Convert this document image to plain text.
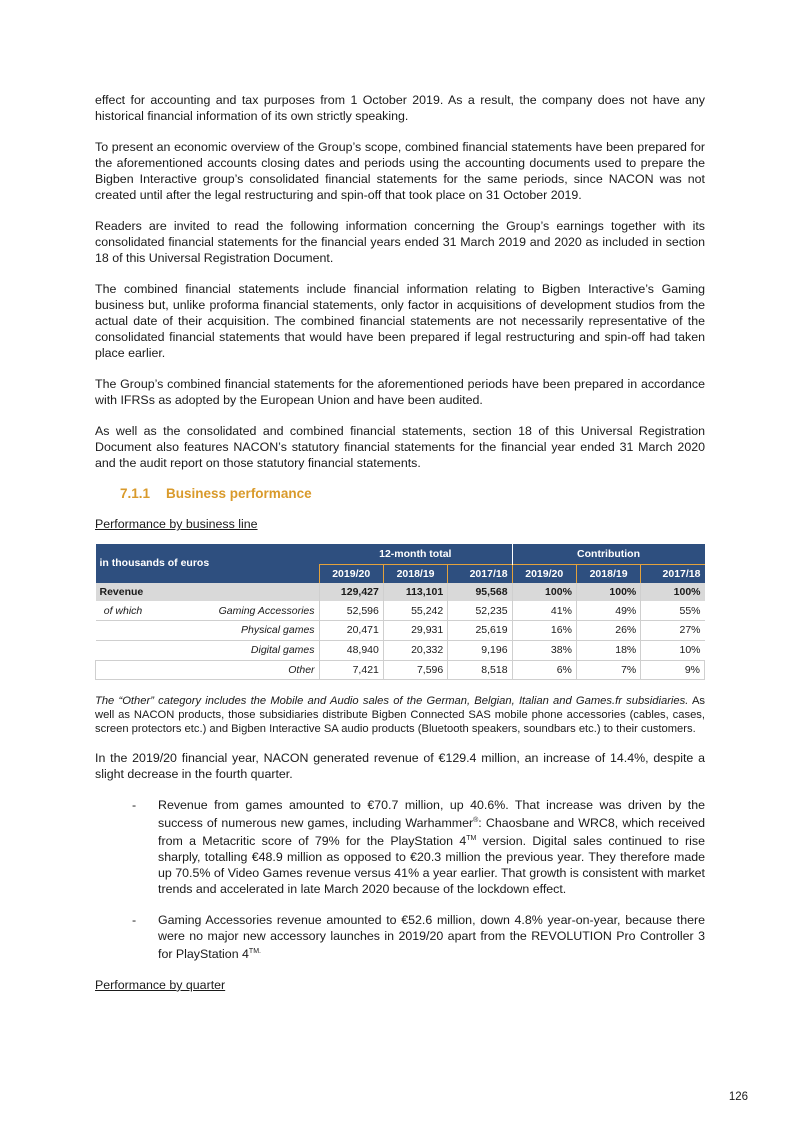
effect for accounting and tax purposes from 1 October 2019. As a result, the company does not have any historical financial information of its own strictly speaking.

To present an economic overview of the Group’s scope, combined financial statements have been prepared for the aforementioned accounts closing dates and periods using the accounting documents used to prepare the Bigben Interactive group’s consolidated financial statements for the same periods, since NACON was not created until after the legal restructuring and spin-off that took place on 31 October 2019.

Readers are invited to read the following information concerning the Group’s earnings together with its consolidated financial statements for the financial years ended 31 March 2019 and 2020 as included in section 18 of this Universal Registration Document.

The combined financial statements include financial information relating to Bigben Interactive’s Gaming business but, unlike proforma financial statements, only factor in acquisitions of development studios from the actual date of their acquisition. The combined financial statements are not necessarily representative of the consolidated financial statements that would have been prepared if legal restructuring and spin-off had taken place earlier.

The Group’s combined financial statements for the aforementioned periods have been prepared in accordance with IFRSs as adopted by the European Union and have been audited.

As well as the consolidated and combined financial statements, section 18 of this Universal Registration Document also features NACON’s statutory financial statements for the financial year ended 31 March 2020 and the audit report on those statutory financial statements.

7.1.1 Business performance
Performance by business line
in thousands of euros		12-month total			Contribution		
		2019/20	2018/19	2017/18	2019/20	2018/19	2017/18
Revenue		129,427	113,101	95,568	100%	100%	100%
of which	Gaming Accessories	52,596	55,242	52,235	41%	49%	55%
	Physical games	20,471	29,931	25,619	16%	26%	27%
	Digital games	48,940	20,332	9,196	38%	18%	10%
	Other	7,421	7,596	8,518	6%	7%	9%
The “Other” category includes the Mobile and Audio sales of the German, Belgian, Italian and Games.fr subsidiaries. As well as NACON products, those subsidiaries distribute Bigben Connected SAS mobile phone accessories (cables, cases, screen protectors etc.) and Bigben Interactive SA audio products (Bluetooth speakers, soundbars etc.) to their customers.

In the 2019/20 financial year, NACON generated revenue of €129.4 million, an increase of 14.4%, despite a slight decrease in the fourth quarter.

- Revenue from games amounted to €70.7 million, up 40.6%. That increase was driven by the success of numerous new games, including Warhammer®: Chaosbane and WRC8, which received from a Metacritic score of 79% for the PlayStation 4™ version. Digital sales continued to rise sharply, totalling €48.9 million as opposed to €20.3 million the previous year. They therefore made up 70.5% of Video Games revenue versus 41% a year earlier. That growth is consistent with market trends and accelerated in late March 2020 because of the lockdown effect.
- Gaming Accessories revenue amounted to €52.6 million, down 4.8% year-on-year, because there were no major new accessory launches in 2019/20 apart from the REVOLUTION Pro Controller 3 for PlayStation $4^{TM.}$
Performance by quarter
126
